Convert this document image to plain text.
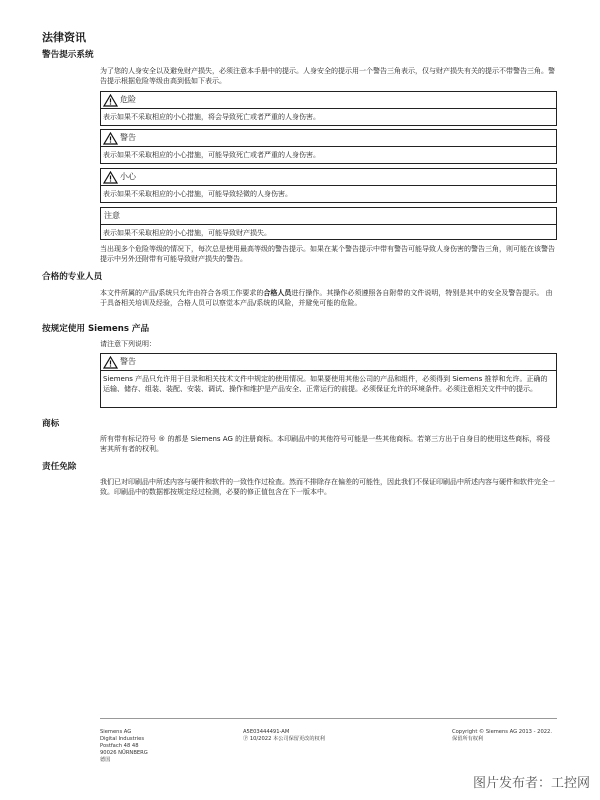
法律资讯
警告提示系统

为了您的人身安全以及避免财产损失，必须注意本手册中的提示。人身安全的提示用一个警告三角表示，仅与财产损失有关的提示不带警告三角。警告提示根据危险等级由高到低如下表示。

危险
表示如果不采取相应的小心措施，将会导致死亡或者严重的人身伤害。
警告
表示如果不采取相应的小心措施，可能导致死亡或者严重的人身伤害。
小心
表示如果不采取相应的小心措施，可能导致轻微的人身伤害。
注意
表示如果不采取相应的小心措施，可能导致财产损失。

当出现多个危险等级的情况下，每次总是使用最高等级的警告提示。如果在某个警告提示中带有警告可能导致人身伤害的警告三角，则可能在该警告提示中另外还附带有可能导致财产损失的警告。

合格的专业人员

本文件所属的产品/系统只允许由符合各项工作要求的合格人员进行操作。其操作必须遵照各自附带的文件说明，特别是其中的安全及警告提示。 由于具备相关培训及经验，合格人员可以察觉本产品/系统的风险，并避免可能的危险。

按规定使用 Siemens 产品

请注意下列说明：

警告
Siemens 产品只允许用于目录和相关技术文件中规定的使用情况。如果要使用其他公司的产品和组件，必须得到 Siemens 推荐和允许。正确的运输、储存、组装、装配、安装、调试、操作和维护是产品安全、正常运行的前提。必须保证允许的环境条件。必须注意相关文件中的提示。
商标

所有带有标记符号 ® 的都是 Siemens AG 的注册商标。本印刷品中的其他符号可能是一些其他商标。若第三方出于自身目的使用这些商标，将侵害其所有者的权利。

责任免除

我们已对印刷品中所述内容与硬件和软件的一致性作过检查。然而不排除存在偏差的可能性，因此我们不保证印刷品中所述内容与硬件和软件完全一致。印刷品中的数据都按规定经过检测，必要的修正值包含在下一版本中。

Siemens AG
Digital Industries
Postfach 48 48
90026 NÜRNBERG
德国
A5E03444491-AM
Ⓟ 10/2022 本公司保留更改的权利
Copyright © Siemens AG 2013 - 2022.
保留所有权利
图片发布者：工控网
